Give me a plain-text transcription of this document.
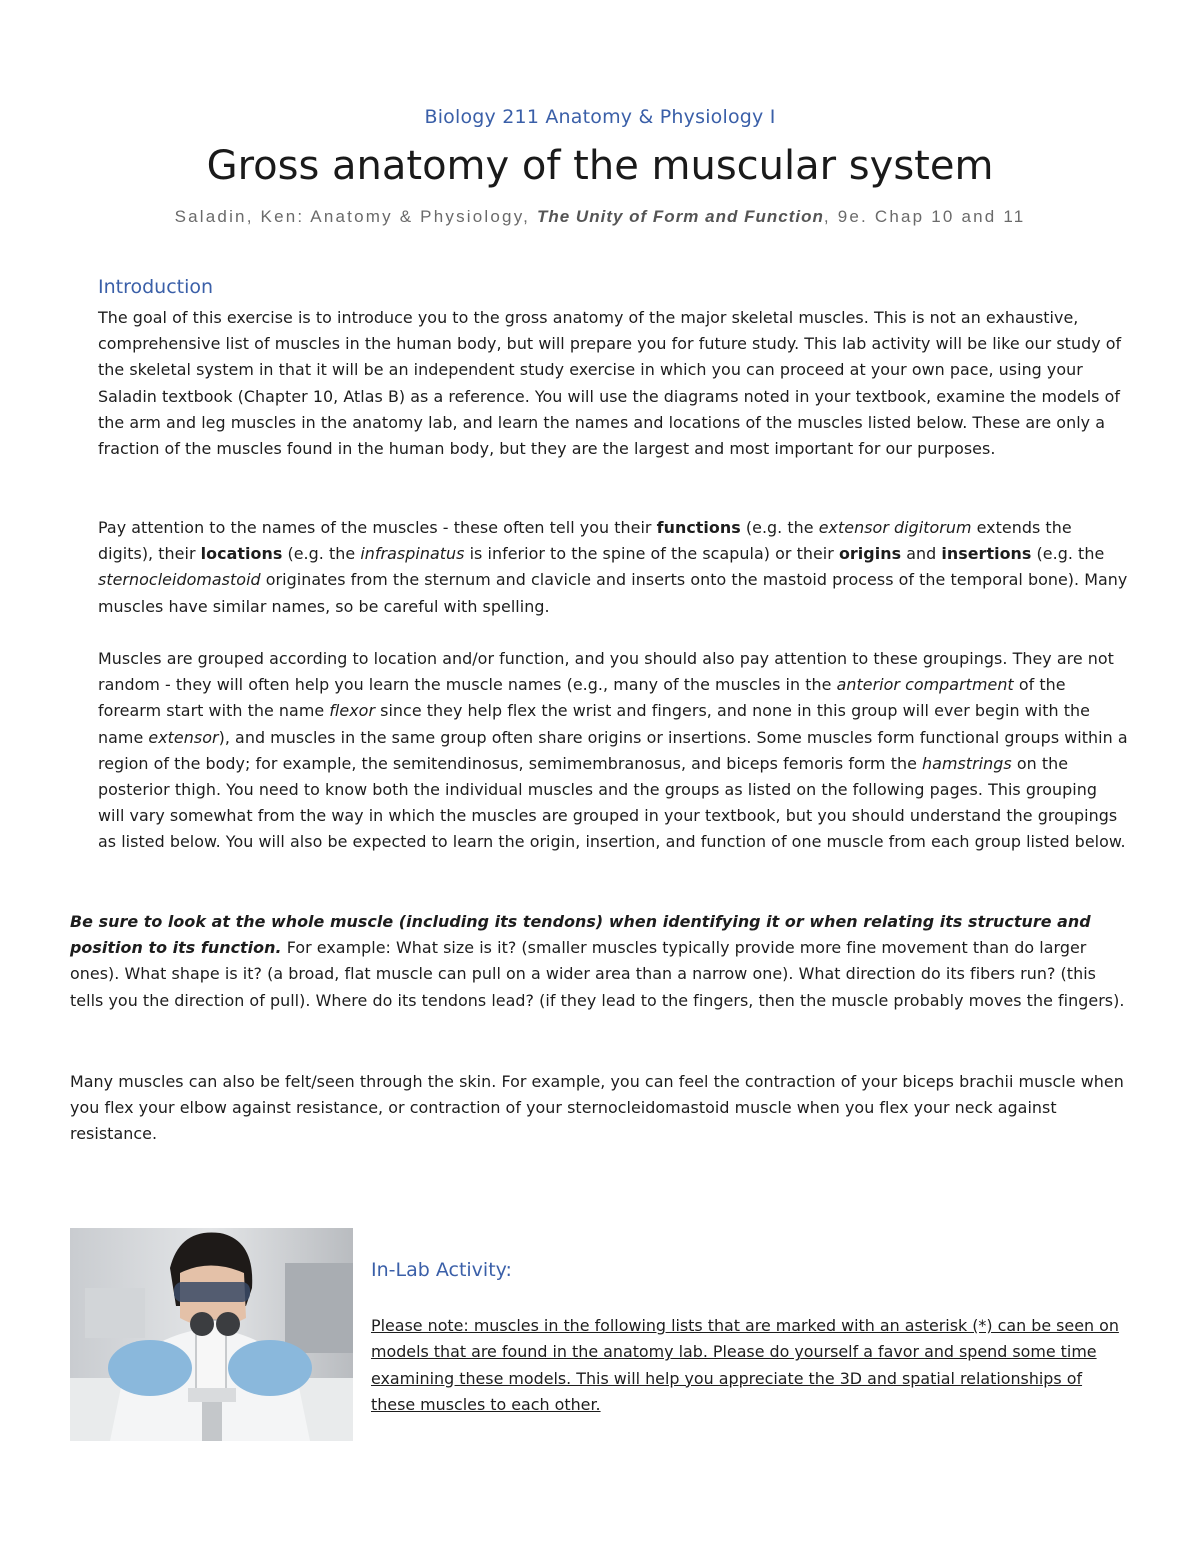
Biology 211 Anatomy & Physiology I
Gross anatomy of the muscular system
Saladin, Ken: Anatomy & Physiology, The Unity of Form and Function, 9e. Chap 10 and 11
Introduction
The goal of this exercise is to introduce you to the gross anatomy of the major skeletal muscles. This is not an exhaustive, comprehensive list of muscles in the human body, but will prepare you for future study. This lab activity will be like our study of the skeletal system in that it will be an independent study exercise in which you can proceed at your own pace, using your Saladin textbook (Chapter 10, Atlas B) as a reference. You will use the diagrams noted in your textbook, examine the models of the arm and leg muscles in the anatomy lab, and learn the names and locations of the muscles listed below. These are only a fraction of the muscles found in the human body, but they are the largest and most important for our purposes.
Pay attention to the names of the muscles - these often tell you their functions (e.g. the extensor digitorum extends the digits), their locations (e.g. the infraspinatus is inferior to the spine of the scapula) or their origins and insertions (e.g. the sternocleidomastoid originates from the sternum and clavicle and inserts onto the mastoid process of the temporal bone). Many muscles have similar names, so be careful with spelling.
Muscles are grouped according to location and/or function, and you should also pay attention to these groupings. They are not random - they will often help you learn the muscle names (e.g., many of the muscles in the anterior compartment of the forearm start with the name flexor since they help flex the wrist and fingers, and none in this group will ever begin with the name extensor), and muscles in the same group often share origins or insertions. Some muscles form functional groups within a region of the body; for example, the semitendinosus, semimembranosus, and biceps femoris form the hamstrings on the posterior thigh. You need to know both the individual muscles and the groups as listed on the following pages. This grouping will vary somewhat from the way in which the muscles are grouped in your textbook, but you should understand the groupings as listed below. You will also be expected to learn the origin, insertion, and function of one muscle from each group listed below.
Be sure to look at the whole muscle (including its tendons) when identifying it or when relating its structure and position to its function. For example: What size is it? (smaller muscles typically provide more fine movement than do larger ones). What shape is it? (a broad, flat muscle can pull on a wider area than a narrow one). What direction do its fibers run? (this tells you the direction of pull). Where do its tendons lead? (if they lead to the fingers, then the muscle probably moves the fingers).
Many muscles can also be felt/seen through the skin. For example, you can feel the contraction of your biceps brachii muscle when you flex your elbow against resistance, or contraction of your sternocleidomastoid muscle when you flex your neck against resistance.
In-Lab Activity:
Please note: muscles in the following lists that are marked with an asterisk (*) can be seen on models that are found in the anatomy lab. Please do yourself a favor and spend some time examining these models. This will help you appreciate the 3D and spatial relationships of these muscles to each other.
